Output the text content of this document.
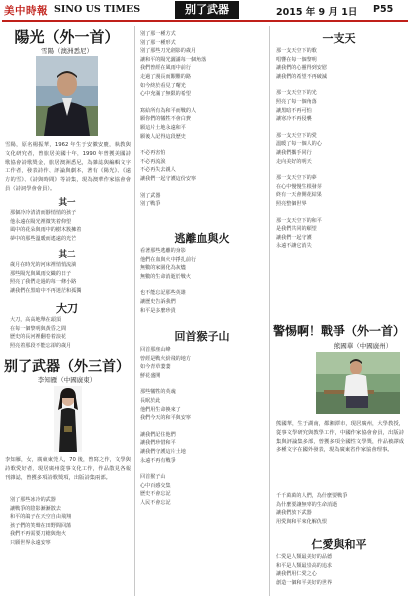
美中時報 SINO US TIMES	别了武器	2015 年 9 月 1日 P55
陽光（外一首）
雪陽（澳洲悉尼）
雪陽，原名楊振華，1962 年生于安徽安慶，執教與文化研究者，曾旅居美國十年，1990 年曾獲美國詩歌協會詩歌獎金，旅居澳洲悉尼，為雜誌與編輯文字工作者，發表詩作、評論與劇本，著有《陽光》、《遠方的雪》、《詩與時間》等詩集，現為澳華作家協會會員（詩詞學會會員）。
其一
那個冷冷清清而靜悄悄的孩子
他永遠在陽光裡微笑着仰望
風中的花朵與雨中的樹木簇擁着
夢中的那些溫暖而遙遠的光芒
其二
歲月在時光的河床裡悄悄流淌
那些陽光與風雨交織的日子
照亮了我們走過的每一條小路
讓我們在黑暗中不再迷茫和孤獨
大刀
大刀，高高地舉在頭頂
在每一個黎明與黃昏之間
歷史的長河裡翻卷着浪花
照亮着那段不能忘卻的歲月
别了武器（外三首）
李知雁（中國廣東）
李知雁，女，廣東東莞人，70 後，曾寫之作，文學與詩歌愛好者，現居廣州從事文化工作，作品散見各報刊雜誌，曾獲多項詩歌獎項，出版詩集兩部。
別了那些冰冷的武器
讓戰爭的陰影漸漸散去
和平的鴿子在天空自由飛翔
孩子們的笑聲在田野間回蕩
我們不再需要刀槍與炮火
只願世界永遠安寧
別了那一種方式
別了那一種形式
別了那些刀光劍影的歲月
讓和平的陽光灑滿每一個角落
我們曾經在風雨中前行
走過了漫長而艱難的路
如今終於看見了曙光
心中充滿了無限的希望
寫給所有為和平而戰的人
願你們的犧牲不會白費
願這片土地永遠和平
願後人記得這段歷史
不必再害怕
不必再流淚
不必再失去親人
讓我們一起守護這份安寧
別了武器
別了戰爭
逃離血與火
看著那些逃離的身影
他們在血與火中掙扎前行
無數的家園化為灰燼
無數的生命消逝於戰火
也不能忘記那些英雄
讓歷史告訴我們
和平是多麼珍貴
回首猴子山
回首那座山峰
曾經是戰火紛飛的地方
如今青草萋萋
鮮花盛開
那些犧牲的英魂
長眠於此
他們用生命換來了
我們今天的和平與安寧
讓我們記住他們
讓我們珍惜和平
讓我們守護這片土地
永遠不再有戰爭
回首猴子山
心中百感交集
歷史不會忘記
人民不會忘記
一支天
那一支天空下的歌
唱響在每一個黎明
讓我們的心靈得到安慰
讓我們的希望不再破滅
那一支天空下的光
照亮了每一個角落
讓黑暗不再可怕
讓寒冷不再侵襲
那一支天空下的愛
溫暖了每一個人的心
讓我們攜手同行
走向美好的明天
那一支天空下的夢
在心中慢慢生根發芽
終有一天會開花結果
照亮整個世界
那一支天空下的和平
是我們共同的願望
讓我們一起守護
永遠不讓它消失
警惕啊！戰爭（外一首）
熊國華（中國廣州）
熊國華，生于湖南，都湘潭市，現居廣州，大學教授，從事文學研究與教學工作，中國作家協會會員，出版詩集與評論集多部，曾獲多項全國性文學獎，作品被譯成多種文字在國外發表，現為廣東省作家協會理事。
千千萬萬的人們，為什麼要戰爭
為什麼要讓無辜的生命消逝
讓我們放下武器
用愛與和平來化解仇恨
仁愛與和平
仁愛是人類最美好的品德
和平是人類最崇高的追求
讓我們用仁愛之心
創造一個和平美好的世界
